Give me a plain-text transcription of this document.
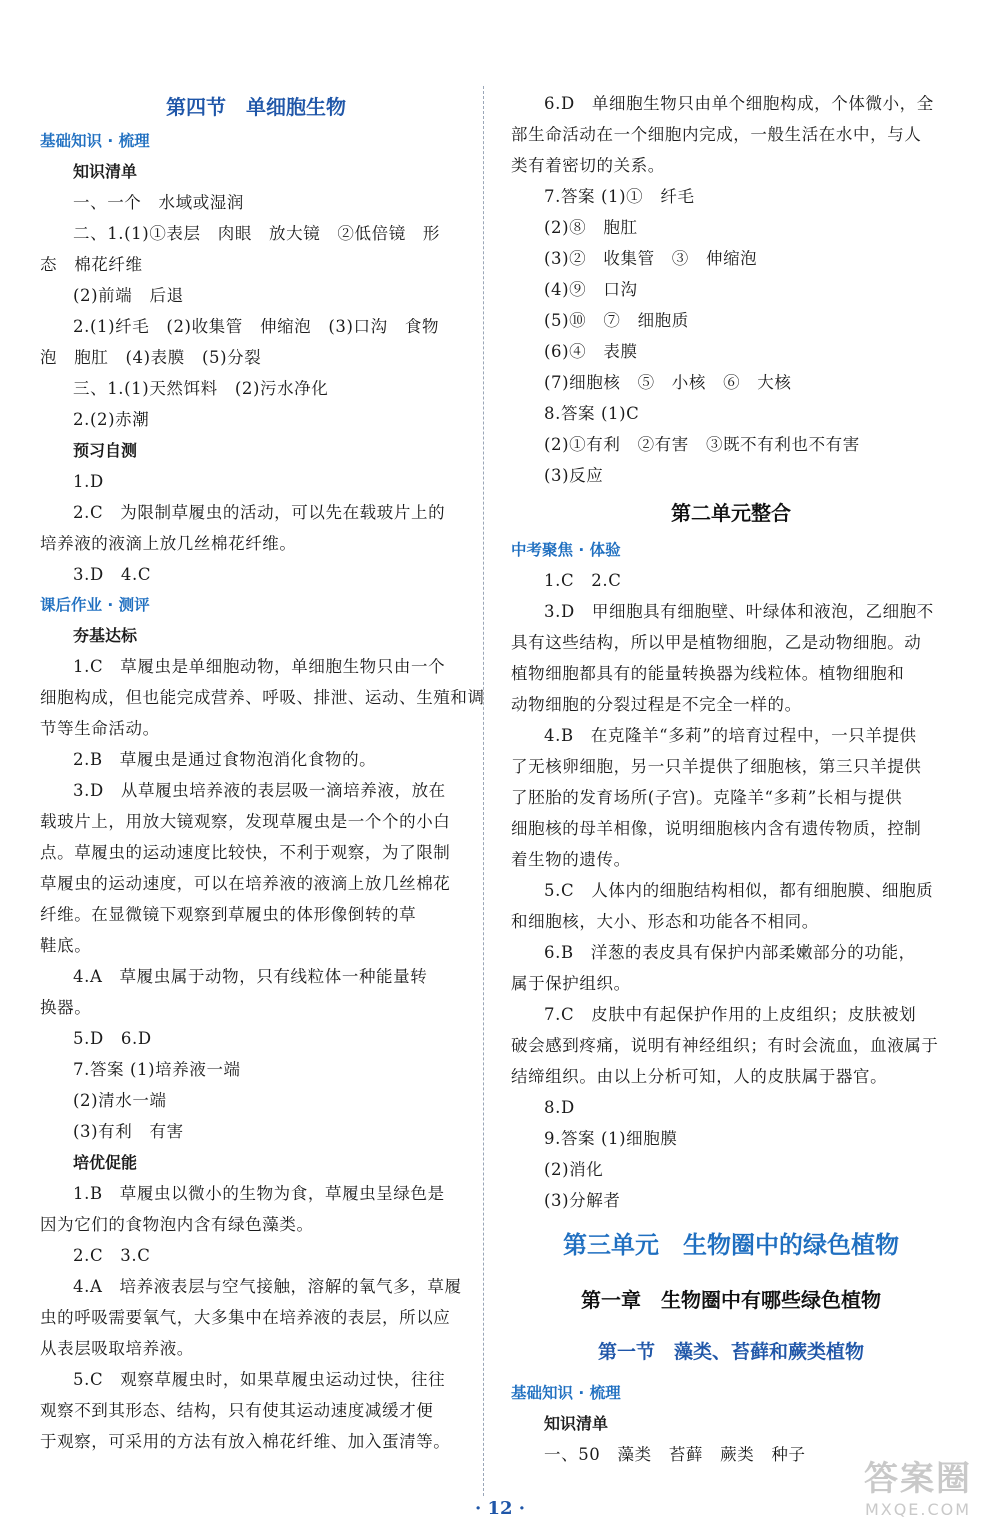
第四节　单细胞生物
基础知识 · 梳理
知识清单
一、一个　水域或湿润
二、1.(1)①表层　肉眼　放大镜　②低倍镜　形
态　棉花纤维
(2)前端　后退
2.(1)纤毛　(2)收集管　伸缩泡　(3)口沟　食物
泡　胞肛　(4)表膜　(5)分裂
三、1.(1)天然饵料　(2)污水净化
2.(2)赤潮
预习自测
1.D
2.C　为限制草履虫的活动，可以先在载玻片上的
培养液的液滴上放几丝棉花纤维。
3.D　4.C
课后作业 · 测评
夯基达标
1.C　草履虫是单细胞动物，单细胞生物只由一个
细胞构成，但也能完成营养、呼吸、排泄、运动、生殖和调
节等生命活动。
2.B　草履虫是通过食物泡消化食物的。
3.D　从草履虫培养液的表层吸一滴培养液，放在
载玻片上，用放大镜观察，发现草履虫是一个个的小白
点。草履虫的运动速度比较快，不利于观察，为了限制
草履虫的运动速度，可以在培养液的液滴上放几丝棉花
纤维。在显微镜下观察到草履虫的体形像倒转的草
鞋底。
4.A　草履虫属于动物，只有线粒体一种能量转
换器。
5.D　6.D
7.答案 (1)培养液一端
(2)清水一端
(3)有利　有害
培优促能
1.B　草履虫以微小的生物为食，草履虫呈绿色是
因为它们的食物泡内含有绿色藻类。
2.C　3.C
4.A　培养液表层与空气接触，溶解的氧气多，草履
虫的呼吸需要氧气，大多集中在培养液的表层，所以应
从表层吸取培养液。
5.C　观察草履虫时，如果草履虫运动过快，往往
观察不到其形态、结构，只有使其运动速度减缓才便
于观察，可采用的方法有放入棉花纤维、加入蛋清等。
6.D　单细胞生物只由单个细胞构成，个体微小，全
部生命活动在一个细胞内完成，一般生活在水中，与人
类有着密切的关系。
7.答案 (1)①　纤毛
(2)⑧　胞肛
(3)②　收集管　③　伸缩泡
(4)⑨　口沟
(5)⑩　⑦　细胞质
(6)④　表膜
(7)细胞核　⑤　小核　⑥　大核
8.答案 (1)C
(2)①有利　②有害　③既不有利也不有害
(3)反应
第二单元整合
中考聚焦 · 体验
1.C　2.C
3.D　甲细胞具有细胞壁、叶绿体和液泡，乙细胞不
具有这些结构，所以甲是植物细胞，乙是动物细胞。动
植物细胞都具有的能量转换器为线粒体。植物细胞和
动物细胞的分裂过程是不完全一样的。
4.B　在克隆羊“多莉”的培育过程中，一只羊提供
了无核卵细胞，另一只羊提供了细胞核，第三只羊提供
了胚胎的发育场所(子宫)。克隆羊“多莉”长相与提供
细胞核的母羊相像，说明细胞核内含有遗传物质，控制
着生物的遗传。
5.C　人体内的细胞结构相似，都有细胞膜、细胞质
和细胞核，大小、形态和功能各不相同。
6.B　洋葱的表皮具有保护内部柔嫩部分的功能，
属于保护组织。
7.C　皮肤中有起保护作用的上皮组织；皮肤被划
破会感到疼痛，说明有神经组织；有时会流血，血液属于
结缔组织。由以上分析可知，人的皮肤属于器官。
8.D
9.答案 (1)细胞膜
(2)消化
(3)分解者
第三单元　生物圈中的绿色植物
第一章　生物圈中有哪些绿色植物
第一节　藻类、苔藓和蕨类植物
基础知识 · 梳理
知识清单
一、50　藻类　苔藓　蕨类　种子
· 12 ·
答案圈
MXQE.COM
